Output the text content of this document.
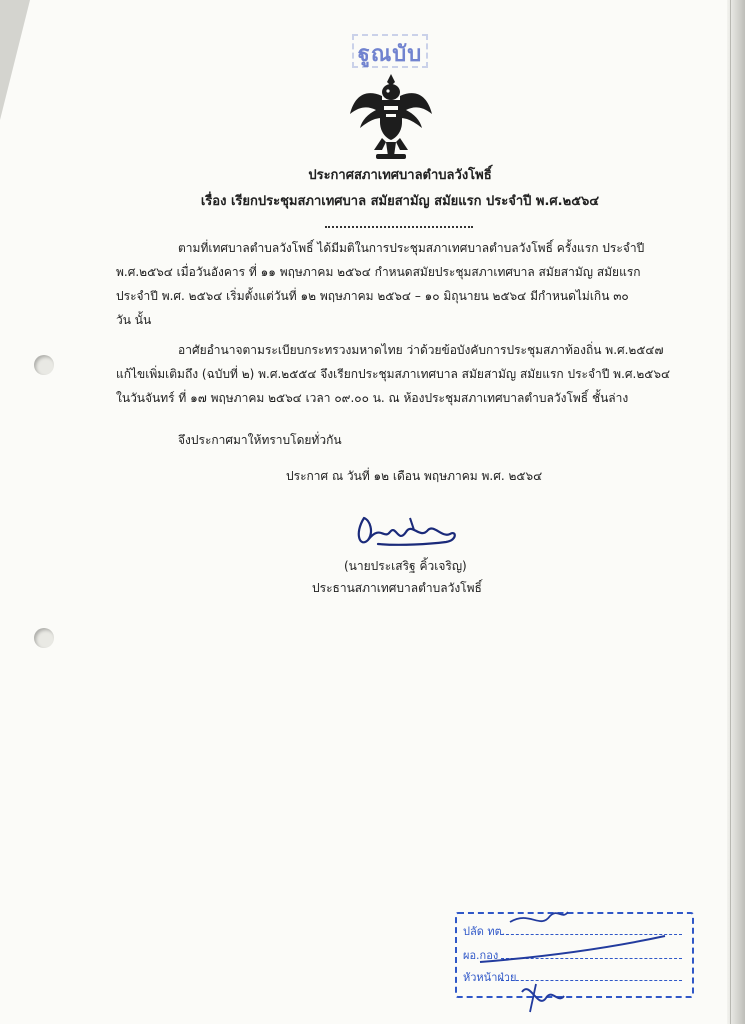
ฐูณบับ
ประกาศสภาเทศบาลตำบลวังโพธิ์
เรื่อง เรียกประชุมสภาเทศบาล สมัยสามัญ สมัยแรก ประจำปี พ.ศ.๒๕๖๔
ตามที่เทศบาลตำบลวังโพธิ์ ได้มีมติในการประชุมสภาเทศบาลตำบลวังโพธิ์ ครั้งแรก ประจำปี
พ.ศ.๒๕๖๔ เมื่อวันอังคาร ที่ ๑๑ พฤษภาคม ๒๕๖๔ กำหนดสมัยประชุมสภาเทศบาล สมัยสามัญ สมัยแรก
ประจำปี พ.ศ. ๒๕๖๔ เริ่มตั้งแต่วันที่ ๑๒ พฤษภาคม ๒๕๖๔ – ๑๐ มิถุนายน ๒๕๖๔ มีกำหนดไม่เกิน ๓๐
วัน นั้น
อาศัยอำนาจตามระเบียบกระทรวงมหาดไทย ว่าด้วยข้อบังคับการประชุมสภาท้องถิ่น พ.ศ.๒๕๔๗
แก้ไขเพิ่มเติมถึง (ฉบับที่ ๒) พ.ศ.๒๕๕๔ จึงเรียกประชุมสภาเทศบาล สมัยสามัญ สมัยแรก ประจำปี พ.ศ.๒๕๖๔
ในวันจันทร์ ที่ ๑๗ พฤษภาคม ๒๕๖๔ เวลา ๐๙.๐๐ น. ณ ห้องประชุมสภาเทศบาลตำบลวังโพธิ์ ชั้นล่าง
จึงประกาศมาให้ทราบโดยทั่วกัน
ประกาศ ณ วันที่ ๑๒ เดือน พฤษภาคม พ.ศ. ๒๕๖๔
(นายประเสริฐ คิ้วเจริญ)
ประธานสภาเทศบาลตำบลวังโพธิ์
ปลัด ทต.
ผอ.กอง
หัวหน้าฝ่าย
